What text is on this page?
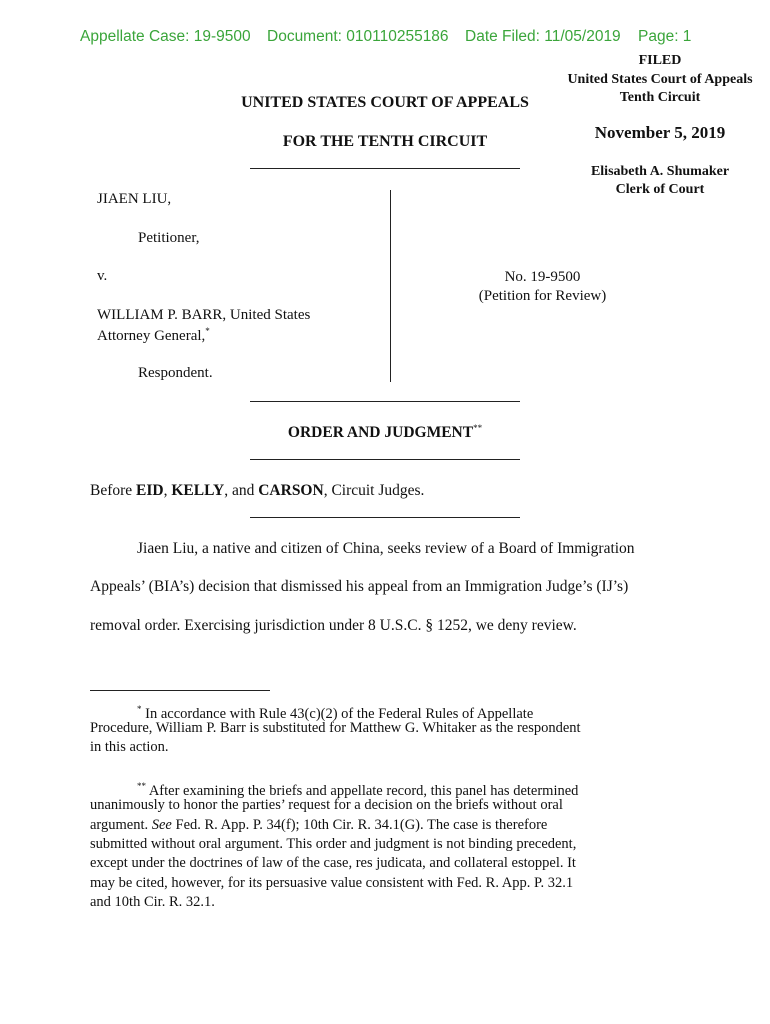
Appellate Case: 19-9500 Document: 010110255186 Date Filed: 11/05/2019 Page: 1
FILED
United States Court of Appeals
Tenth Circuit
November 5, 2019
Elisabeth A. Shumaker
Clerk of Court
UNITED STATES COURT OF APPEALS
FOR THE TENTH CIRCUIT
JIAEN LIU,
Petitioner,
v.
WILLIAM P. BARR, United States
Attorney General,*
Respondent.
No. 19-9500
(Petition for Review)
ORDER AND JUDGMENT**
Before EID, KELLY, and CARSON, Circuit Judges.
Jiaen Liu, a native and citizen of China, seeks review of a Board of Immigration
Appeals’ (BIA’s) decision that dismissed his appeal from an Immigration Judge’s (IJ’s)
removal order. Exercising jurisdiction under 8 U.S.C. § 1252, we deny review.
* In accordance with Rule 43(c)(2) of the Federal Rules of Appellate
Procedure, William P. Barr is substituted for Matthew G. Whitaker as the respondent
in this action.
** After examining the briefs and appellate record, this panel has determined
unanimously to honor the parties’ request for a decision on the briefs without oral
argument. See Fed. R. App. P. 34(f); 10th Cir. R. 34.1(G). The case is therefore
submitted without oral argument. This order and judgment is not binding precedent,
except under the doctrines of law of the case, res judicata, and collateral estoppel. It
may be cited, however, for its persuasive value consistent with Fed. R. App. P. 32.1
and 10th Cir. R. 32.1.
